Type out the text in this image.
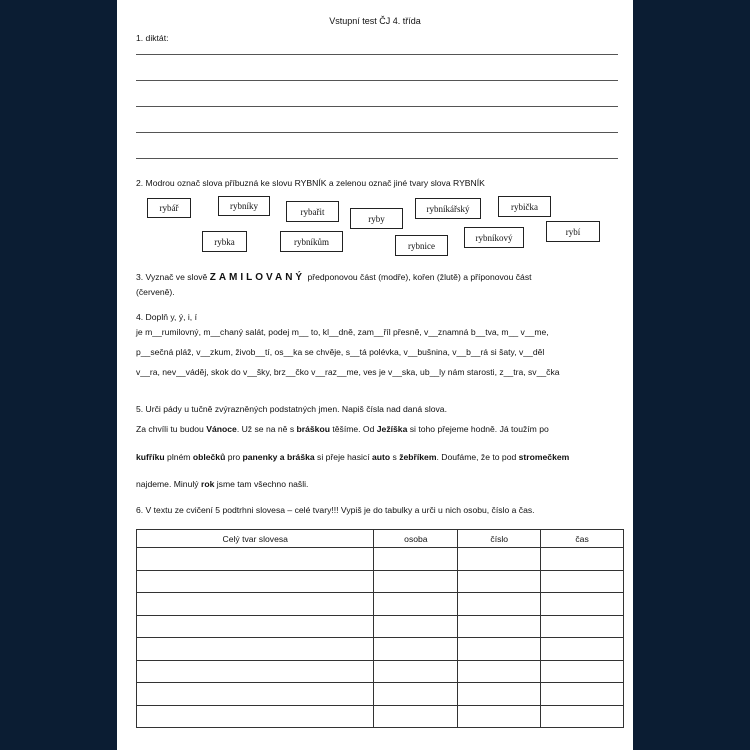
Vstupní test ČJ 4. třída
1. diktát:
2. Modrou označ slova příbuzná ke slovu RYBNÍK a zelenou označ jiné tvary slova RYBNÍK
rybář	rybníky
rybařit
ryby
rybníkářský	rybička
rybka	rybníkům	rybnice
rybníkový
rybí
3. Vyznač ve slově ZAMILOVANÝ předponovou část (modře), kořen (žlutě) a příponovou část
(červeně).
4. Doplň y, ý, i, í
je m__rumilovný, m__chaný salát, podej m__ to, kl__dně, zam__říl přesně, v__znamná b__tva, m__ v__me,
p__sečná pláž, v__zkum, živob__tí, os__ka se chvěje, s__tá polévka, v__bušnina, v__b__rá si šaty, v__děl
v__ra, nev__váděj, skok do v__šky, brz__čko v__raz__me, ves je v__ska, ub__ly nám starosti, z__tra, sv__čka
5. Urči pády u tučně zvýrazněných podstatných jmen. Napiš čísla nad daná slova.
Za chvíli tu budou Vánoce. Už se na ně s bráškou těšíme. Od Ježíška si toho přejeme hodně. Já toužím po
kufříku plném oblečků pro panenky a bráška si přeje hasicí auto s žebříkem. Doufáme, že to pod stromečkem
najdeme. Minulý rok jsme tam všechno našli.
6. V textu ze cvičení 5 podtrhni slovesa – celé tvary!!! Vypiš je do tabulky a urči u nich osobu, číslo a čas.
Celý tvar slovesa	osoba	číslo	čas
